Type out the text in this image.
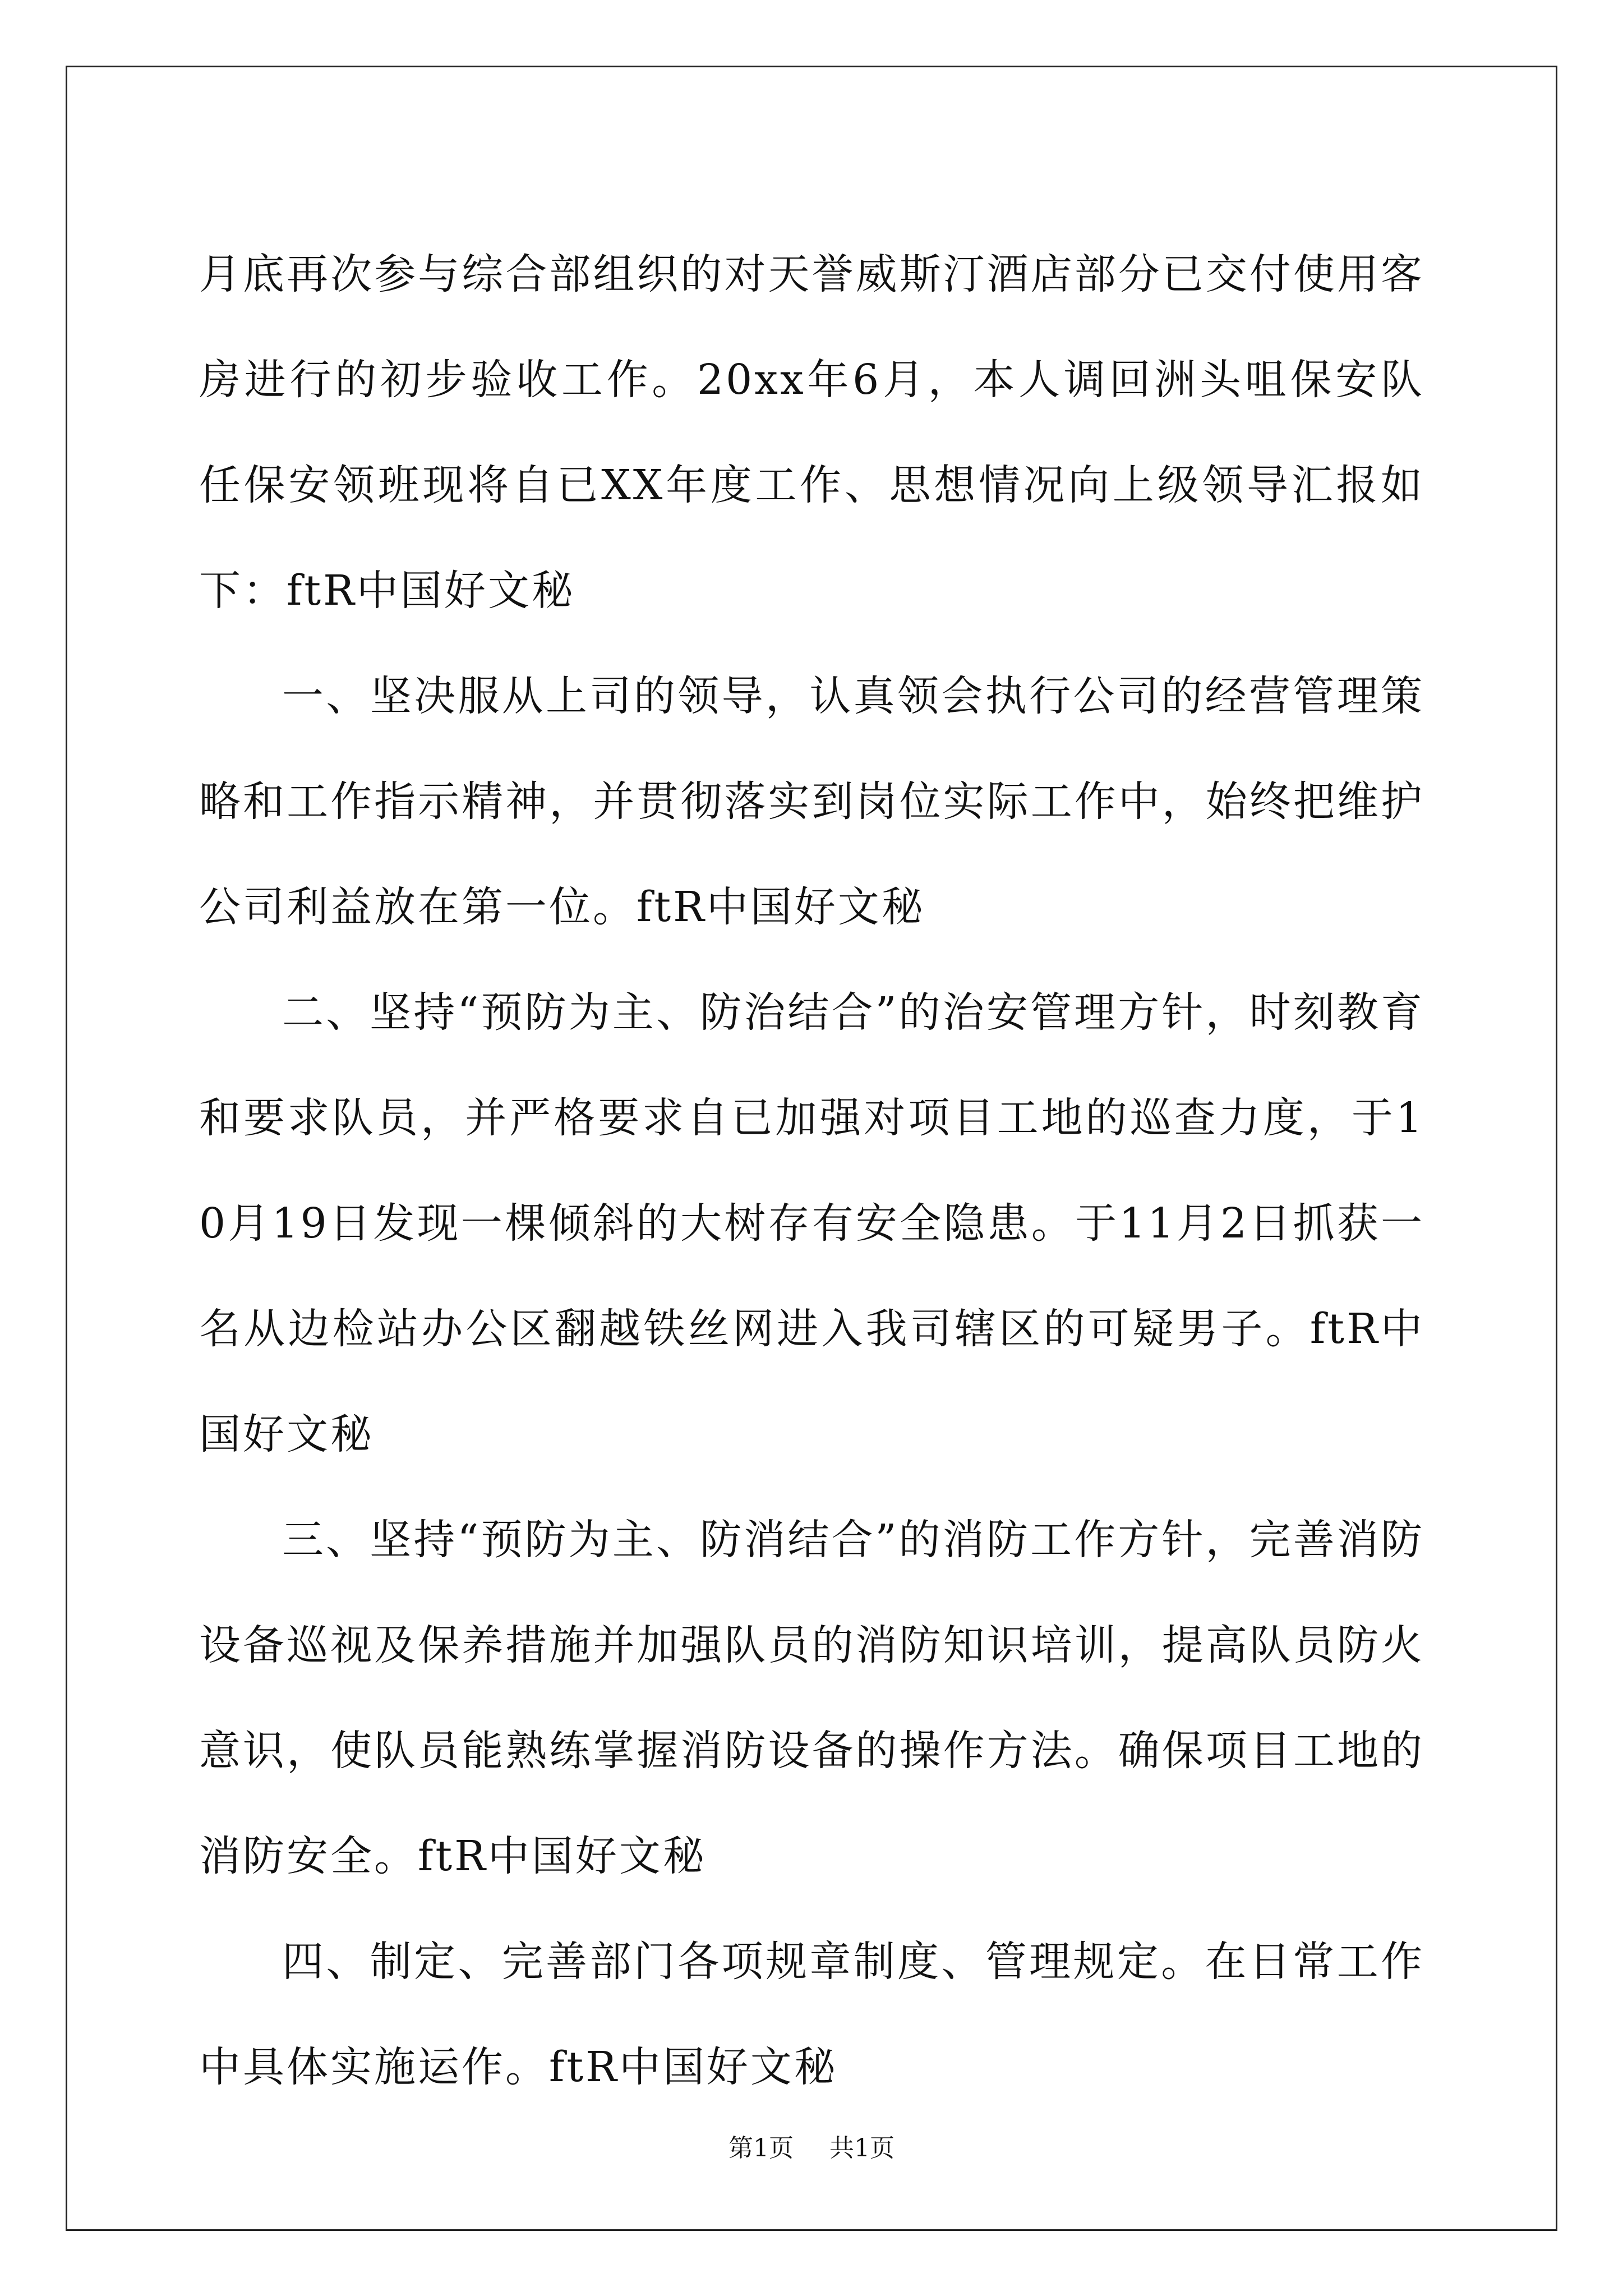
月底再次参与综合部组织的对天誉威斯汀酒店部分已交付使用客房进行的初步验收工作。20xx年6月，本人调回洲头咀保安队任保安领班现将自已XX年度工作、思想情况向上级领导汇报如下：ftR中国好文秘

一、坚决服从上司的领导，认真领会执行公司的经营管理策略和工作指示精神，并贯彻落实到岗位实际工作中，始终把维护公司利益放在第一位。ftR中国好文秘

二、坚持“预防为主、防治结合”的治安管理方针，时刻教育和要求队员，并严格要求自已加强对项目工地的巡查力度，于10月19日发现一棵倾斜的大树存有安全隐患。于11月2日抓获一名从边检站办公区翻越铁丝网进入我司辖区的可疑男子。ftR中国好文秘

三、坚持“预防为主、防消结合”的消防工作方针，完善消防设备巡视及保养措施并加强队员的消防知识培训，提高队员防火意识，使队员能熟练掌握消防设备的操作方法。确保项目工地的消防安全。ftR中国好文秘

四、制定、完善部门各项规章制度、管理规定。在日常工作中具体实施运作。ftR中国好文秘

第1页 共1页
